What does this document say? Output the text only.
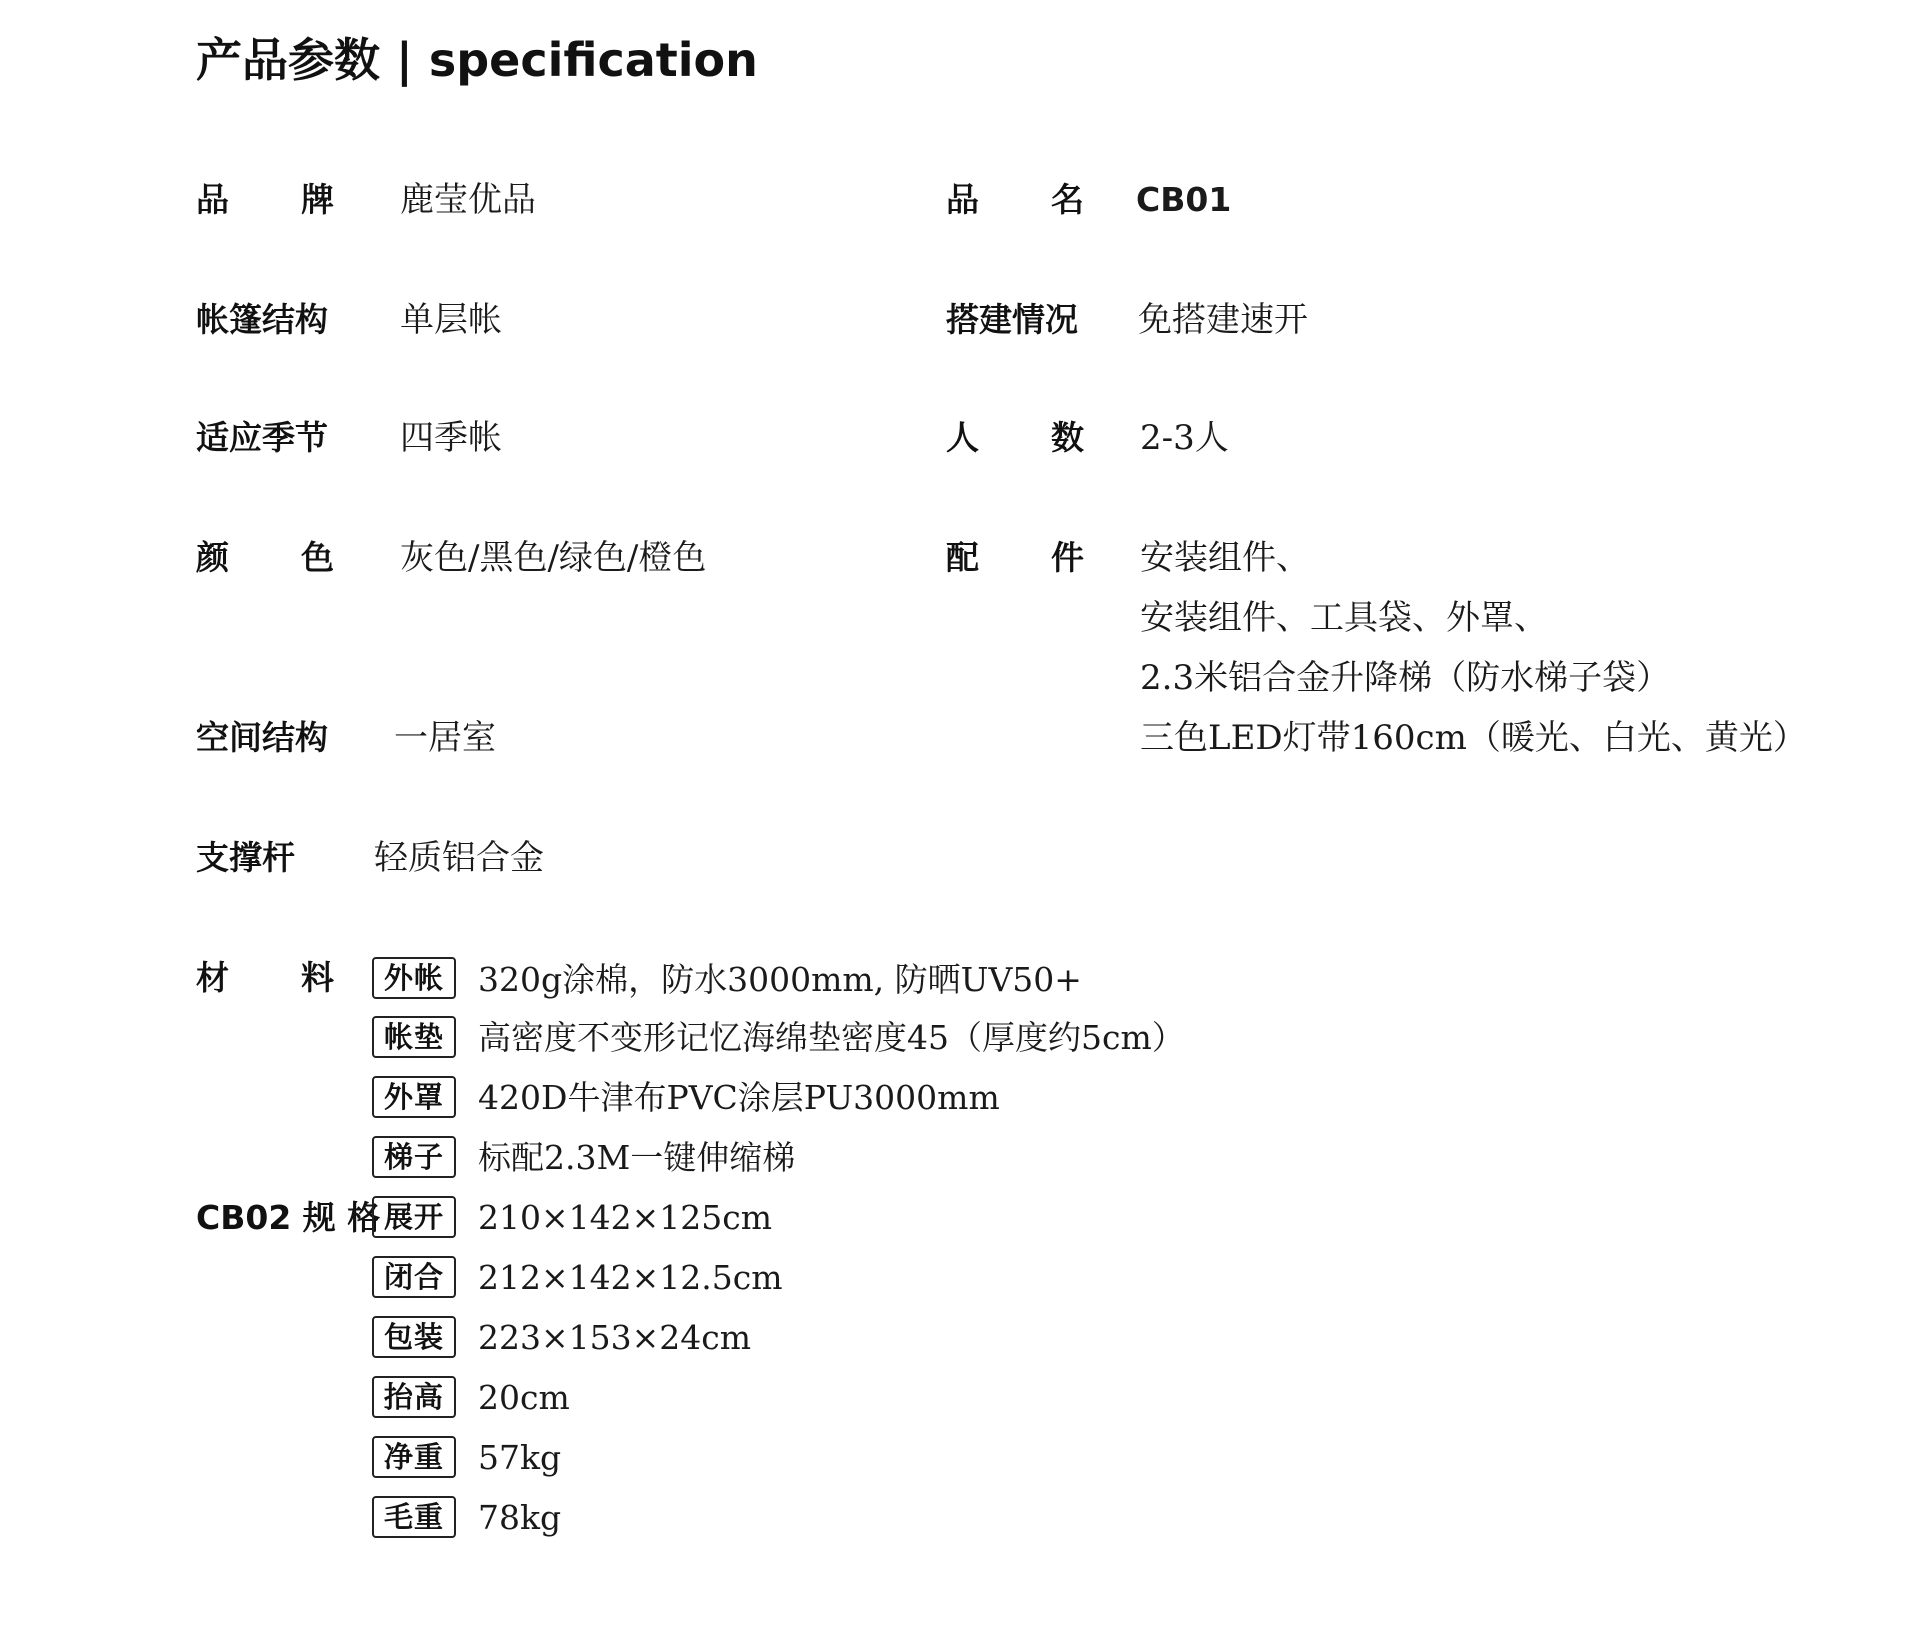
产品参数 | specification
品 牌 鹿莹优品	品 名 CB01
帐篷结构 单层帐	搭建情况 免搭建速开
适应季节 四季帐	人 数 2-3人
颜 色 灰色/黑色/绿色/橙色	配 件 安装组件、
安装组件、工具袋、外罩、
2.3米铝合金升降梯（防水梯子袋）
三色LED灯带160cm（暖光、白光、黄光）
空间结构 一居室
支撑杆 轻质铝合金
材 料	外帐	320g涂棉，防水3000mm, 防晒UV50+
帐垫	高密度不变形记忆海绵垫密度45（厚度约5cm）
外罩	420D牛津布PVC涂层PU3000mm
梯子	标配2.3M一键伸缩梯
CB02 规 格 展开	210×142×125cm
闭合	212×142×12.5cm
包装	223×153×24cm
抬高	20cm
净重	57kg
毛重	78kg
